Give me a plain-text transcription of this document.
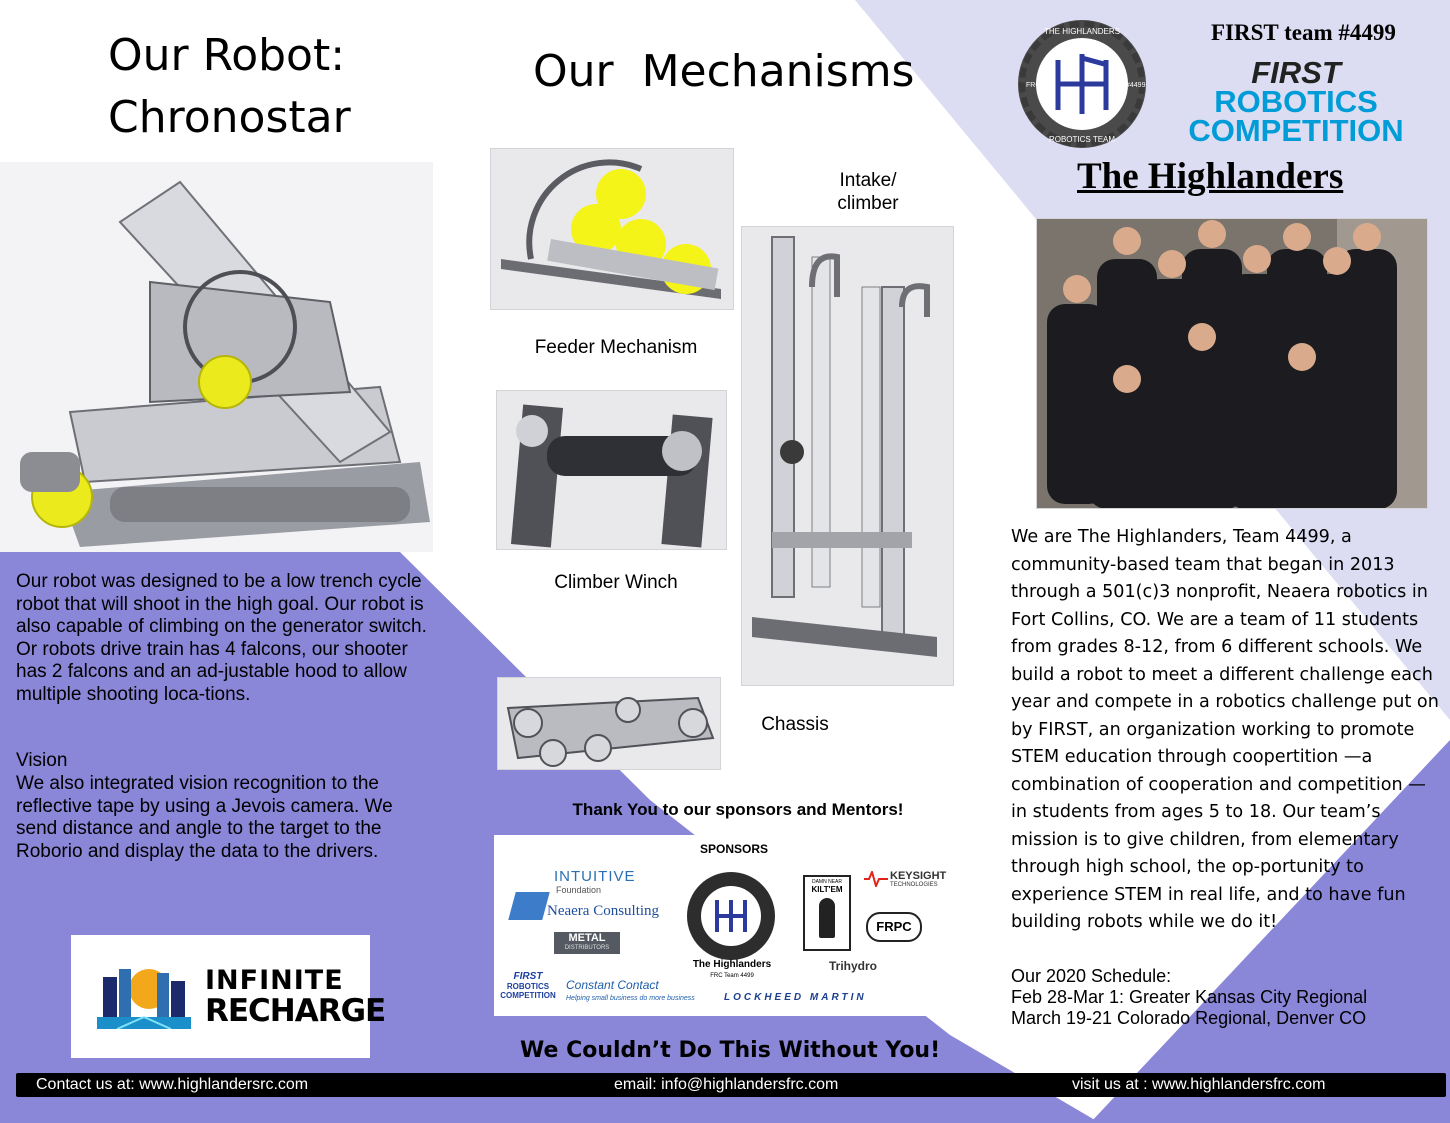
Our Robot:
Chronostar
Our robot was designed to be a low trench cycle robot that will shoot in the high goal. Our robot is also capable of climbing on the generator switch. Or robots drive train has 4 falcons, our shooter has 2 falcons and an ad-justable hood to allow multiple shooting loca-tions.
Vision
We also integrated vision recognition to the reflective tape by using a Jevois camera. We send distance and angle to the target to the Roborio and display the data to the drivers.
INFINITE
RECHARGE
Our  Mechanisms
Feeder Mechanism
Intake/
climber
Climber Winch
Chassis
Thank You to our sponsors and Mentors!
SPONSORS
INTUITIVE
Foundation
Neaera Consulting
METAL
DISTRIBUTORS
FIRST
ROBOTICS COMPETITION
Constant Contact
Helping small business do more business
The Highlanders
FRC Team 4499
DAMN NEAR
KILT'EM
KEYSIGHT
TECHNOLOGIES
FRPC
Trihydro
LOCKHEED MARTIN
We Couldn’t Do This Without You!
THE HIGHLANDERS
ROBOTICS TEAM
FRC	#4499
FIRST team #4499
FIRST
ROBOTICS
COMPETITION
The Highlanders
We are The Highlanders, Team 4499, a community-based team that began in 2013 through a 501(c)3 nonprofit, Neaera robotics in Fort Collins, CO. We are a team of 11 students from grades 8-12, from 6 different schools. We build a robot to meet a different challenge each year and compete in a robotics challenge put on by FIRST, an organization working to promote STEM education through coopertition —a combination of cooperation and competition — in students from ages 5 to 18. Our team’s mission is to give children, from elementary through high school, the op-portunity to experience STEM in real life, and to have fun building robots while we do it!
Our 2020 Schedule:
Feb 28-Mar 1: Greater Kansas City Regional
March 19-21 Colorado Regional, Denver CO
Contact us at: www.highlandersrc.com	email: info@highlandersfrc.com	visit us at : www.highlandersfrc.com
